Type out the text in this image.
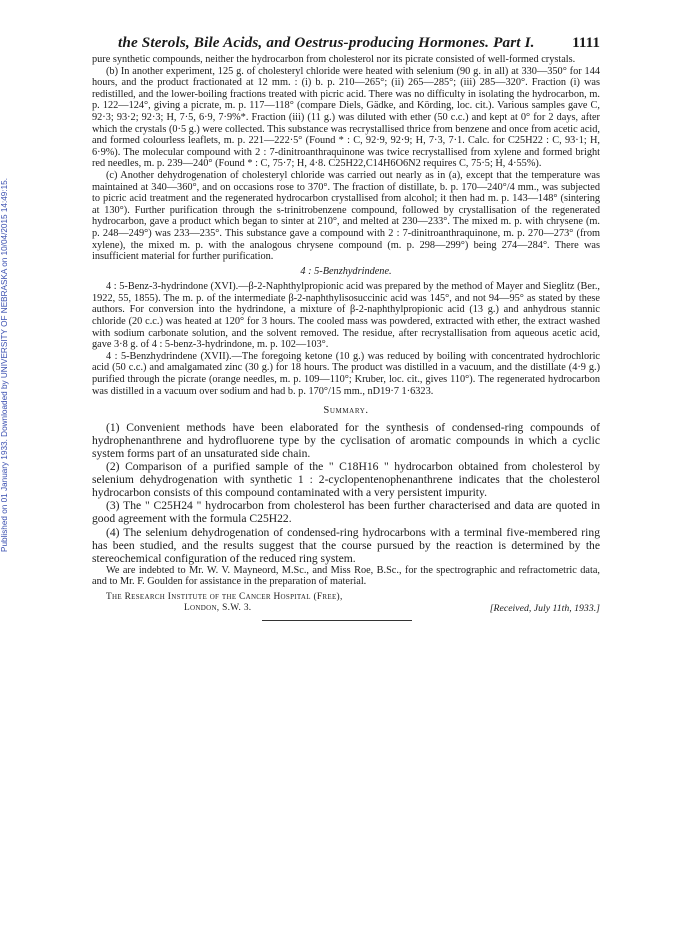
Published on 01 January 1933. Downloaded by UNIVERSITY OF NEBRASKA on 10/04/2015 14:49:15.
the Sterols, Bile Acids, and Oestrus-producing Hormones. Part I. 1111

pure synthetic compounds, neither the hydrocarbon from cholesterol nor its picrate consisted of well-formed crystals.

(b) In another experiment, 125 g. of cholesteryl chloride were heated with selenium (90 g. in all) at 330—350° for 144 hours, and the product fractionated at 12 mm. : (i) b. p. 210—265°; (ii) 265—285°; (iii) 285—320°. Fraction (i) was redistilled, and the lower-boiling fractions treated with picric acid. There was no difficulty in isolating the hydrocarbon, m. p. 122—124°, giving a picrate, m. p. 117—118° (compare Diels, Gädke, and Körding, loc. cit.). Various samples gave C, 92·3; 93·2; 92·3; H, 7·5, 6·9, 7·9%*. Fraction (iii) (11 g.) was diluted with ether (50 c.c.) and kept at 0° for 2 days, after which the crystals (0·5 g.) were collected. This substance was recrystallised thrice from benzene and once from acetic acid, and formed colourless leaflets, m. p. 221—222·5° (Found * : C, 92·9, 92·9; H, 7·3, 7·1. Calc. for C25H22 : C, 93·1; H, 6·9%). The molecular compound with 2 : 7-dinitroanthraquinone was twice recrystallised from xylene and formed bright red needles, m. p. 239—240° (Found * : C, 75·7; H, 4·8. C25H22,C14H6O6N2 requires C, 75·5; H, 4·55%).

(c) Another dehydrogenation of cholesteryl chloride was carried out nearly as in (a), except that the temperature was maintained at 340—360°, and on occasions rose to 370°. The fraction of distillate, b. p. 170—240°/4 mm., was subjected to picric acid treatment and the regenerated hydrocarbon crystallised from alcohol; it then had m. p. 143—148° (sintering at 130°). Further purification through the s-trinitrobenzene compound, followed by crystallisation of the regenerated hydrocarbon, gave a product which began to sinter at 210°, and melted at 230—233°. The mixed m. p. with chrysene (m. p. 248—249°) was 233—235°. This substance gave a compound with 2 : 7-dinitroanthraquinone, m. p. 270—273° (from xylene), the mixed m. p. with the analogous chrysene compound (m. p. 298—299°) being 274—284°. There was insufficient material for further purification.

4 : 5-Benzhydrindene.

4 : 5-Benz-3-hydrindone (XVI).—β-2-Naphthylpropionic acid was prepared by the method of Mayer and Sieglitz (Ber., 1922, 55, 1855). The m. p. of the intermediate β-2-naphthylisosuccinic acid was 145°, and not 94—95° as stated by these authors. For conversion into the hydrindone, a mixture of β-2-naphthylpropionic acid (13 g.) and anhydrous stannic chloride (20 c.c.) was heated at 120° for 3 hours. The cooled mass was powdered, extracted with ether, the extract washed with sodium carbonate solution, and the solvent removed. The residue, after recrystallisation from aqueous acetic acid, gave 3·8 g. of 4 : 5-benz-3-hydrindone, m. p. 102—103°.

4 : 5-Benzhydrindene (XVII).—The foregoing ketone (10 g.) was reduced by boiling with concentrated hydrochloric acid (50 c.c.) and amalgamated zinc (30 g.) for 18 hours. The product was distilled in a vacuum, and the distillate (4·9 g.) purified through the picrate (orange needles, m. p. 109—110°; Kruber, loc. cit., gives 110°). The regenerated hydrocarbon was distilled in a vacuum over sodium and had b. p. 170°/15 mm., nD19·7 1·6323.

Summary.

(1) Convenient methods have been elaborated for the synthesis of condensed-ring compounds of hydrophenanthrene and hydrofluorene type by the cyclisation of aromatic compounds in which a cyclic system forms part of an unsaturated side chain.

(2) Comparison of a purified sample of the " C18H16 " hydrocarbon obtained from cholesterol by selenium dehydrogenation with synthetic 1 : 2-cyclopentenophenanthrene indicates that the cholesterol hydrocarbon consists of this compound contaminated with a very persistent impurity.

(3) The " C25H24 " hydrocarbon from cholesterol has been further characterised and data are quoted in good agreement with the formula C25H22.

(4) The selenium dehydrogenation of condensed-ring hydrocarbons with a terminal five-membered ring has been studied, and the results suggest that the course pursued by the reaction is determined by the stereochemical configuration of the reduced ring system.

We are indebted to Mr. W. V. Mayneord, M.Sc., and Miss Roe, B.Sc., for the spectrographic and refractometric data, and to Mr. F. Goulden for assistance in the preparation of material.

The Research Institute of the Cancer Hospital (Free),
London, S.W. 3.	[Received, July 11th, 1933.]
